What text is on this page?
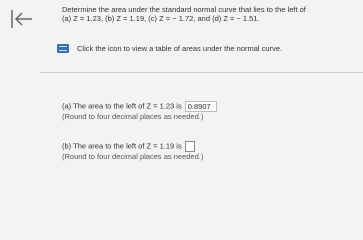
Determine the area under the standard normal curve that lies to the left of
(a) Z = 1.23, (b) Z = 1.19, (c) Z = − 1.72, and (d) Z = − 1.51.
Click the icon to view a table of areas under the normal curve.
(a) The area to the left of Z = 1.23 is 0.8907
(Round to four decimal places as needed.)
(b) The area to the left of Z = 1.19 is
(Round to four decimal places as needed.)
